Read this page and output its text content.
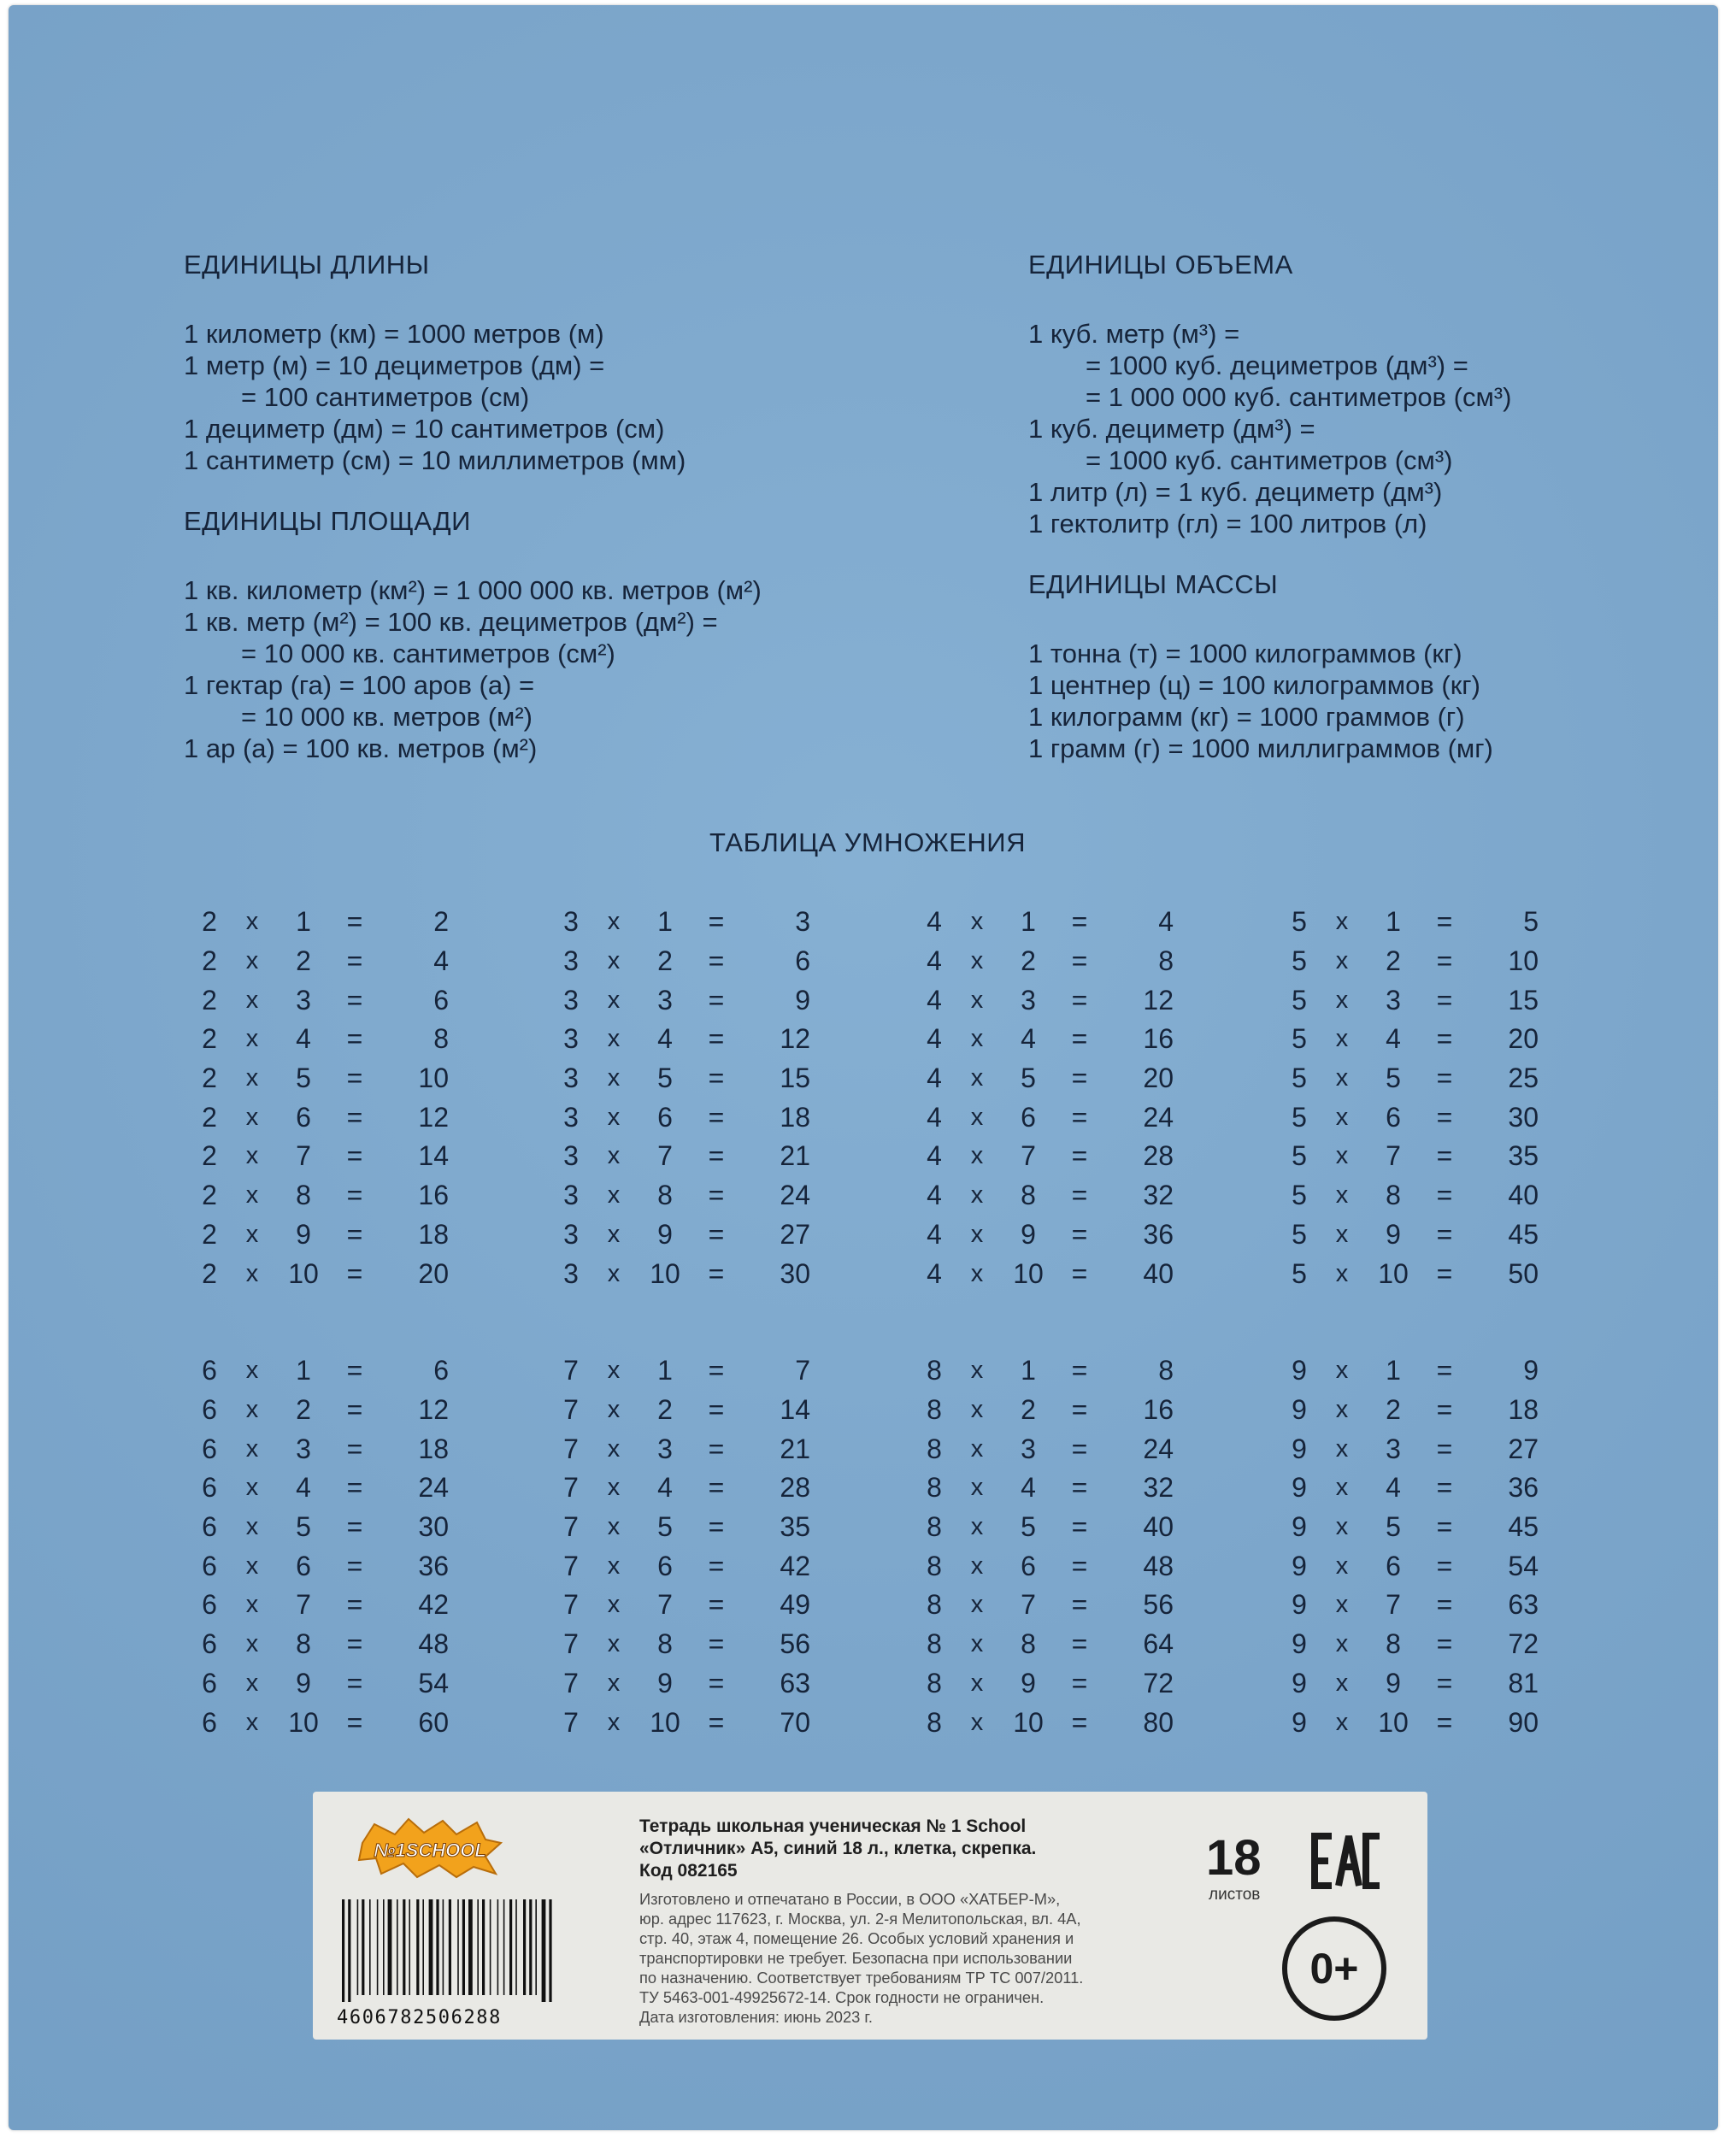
ЕДИНИЦЫ ДЛИНЫ
1 километр (км) = 1000 метров (м)
1 метр (м) = 10 дециметров (дм) =
= 100 сантиметров (см)
1 дециметр (дм) = 10 сантиметров (см)
1 сантиметр (см) = 10 миллиметров (мм)
ЕДИНИЦЫ ПЛОЩАДИ
1 кв. километр (км²) = 1 000 000 кв. метров (м²)
1 кв. метр (м²) = 100 кв. дециметров (дм²) =
= 10 000 кв. сантиметров (см²)
1 гектар (га) = 100 аров (а) =
= 10 000 кв. метров (м²)
1 ар (а) = 100 кв. метров (м²)
ЕДИНИЦЫ ОБЪЕМА
1 куб. метр (м³) =
= 1000 куб. дециметров (дм³) =
= 1 000 000 куб. сантиметров (см³)
1 куб. дециметр (дм³) =
= 1000 куб. сантиметров (см³)
1 литр (л) = 1 куб. дециметр (дм³)
1 гектолитр (гл) = 100 литров (л)
ЕДИНИЦЫ МАССЫ
1 тонна (т) = 1000 килограммов (кг)
1 центнер (ц) = 100 килограммов (кг)
1 килограмм (кг) = 1000 граммов (г)
1 грамм (г) = 1000 миллиграммов (мг)
ТАБЛИЦА УМНОЖЕНИЯ
2	x	1	=	2
2	x	2	=	4
2	x	3	=	6
2	x	4	=	8
2	x	5	=	10
2	x	6	=	12
2	x	7	=	14
2	x	8	=	16
2	x	9	=	18
2	x	10	=	20
3	x	1	=	3
3	x	2	=	6
3	x	3	=	9
3	x	4	=	12
3	x	5	=	15
3	x	6	=	18
3	x	7	=	21
3	x	8	=	24
3	x	9	=	27
3	x	10	=	30
4	x	1	=	4
4	x	2	=	8
4	x	3	=	12
4	x	4	=	16
4	x	5	=	20
4	x	6	=	24
4	x	7	=	28
4	x	8	=	32
4	x	9	=	36
4	x	10	=	40
5	x	1	=	5
5	x	2	=	10
5	x	3	=	15
5	x	4	=	20
5	x	5	=	25
5	x	6	=	30
5	x	7	=	35
5	x	8	=	40
5	x	9	=	45
5	x	10	=	50
6	x	1	=	6
6	x	2	=	12
6	x	3	=	18
6	x	4	=	24
6	x	5	=	30
6	x	6	=	36
6	x	7	=	42
6	x	8	=	48
6	x	9	=	54
6	x	10	=	60
7	x	1	=	7
7	x	2	=	14
7	x	3	=	21
7	x	4	=	28
7	x	5	=	35
7	x	6	=	42
7	x	7	=	49
7	x	8	=	56
7	x	9	=	63
7	x	10	=	70
8	x	1	=	8
8	x	2	=	16
8	x	3	=	24
8	x	4	=	32
8	x	5	=	40
8	x	6	=	48
8	x	7	=	56
8	x	8	=	64
8	x	9	=	72
8	x	10	=	80
9	x	1	=	9
9	x	2	=	18
9	x	3	=	27
9	x	4	=	36
9	x	5	=	45
9	x	6	=	54
9	x	7	=	63
9	x	8	=	72
9	x	9	=	81
9	x	10	=	90
№1SCHOOL
4606782506288

Тетрадь школьная ученическая № 1 School
«Отличник» А5, синий 18 л., клетка, скрепка.
Код 082165

Изготовлено и отпечатано в России, в ООО «ХАТБЕР-М»,
юр. адрес 117623, г. Москва, ул. 2-я Мелитопольская, вл. 4А,
стр. 40, этаж 4, помещение 26. Особых условий хранения и
транспортировки не требует. Безопасна при использовании
по назначению. Соответствует требованиям ТР ТС 007/2011.
ТУ 5463-001-49925672-14. Срок годности не ограничен.
Дата изготовления: июнь 2023 г.

18
листов
0+
